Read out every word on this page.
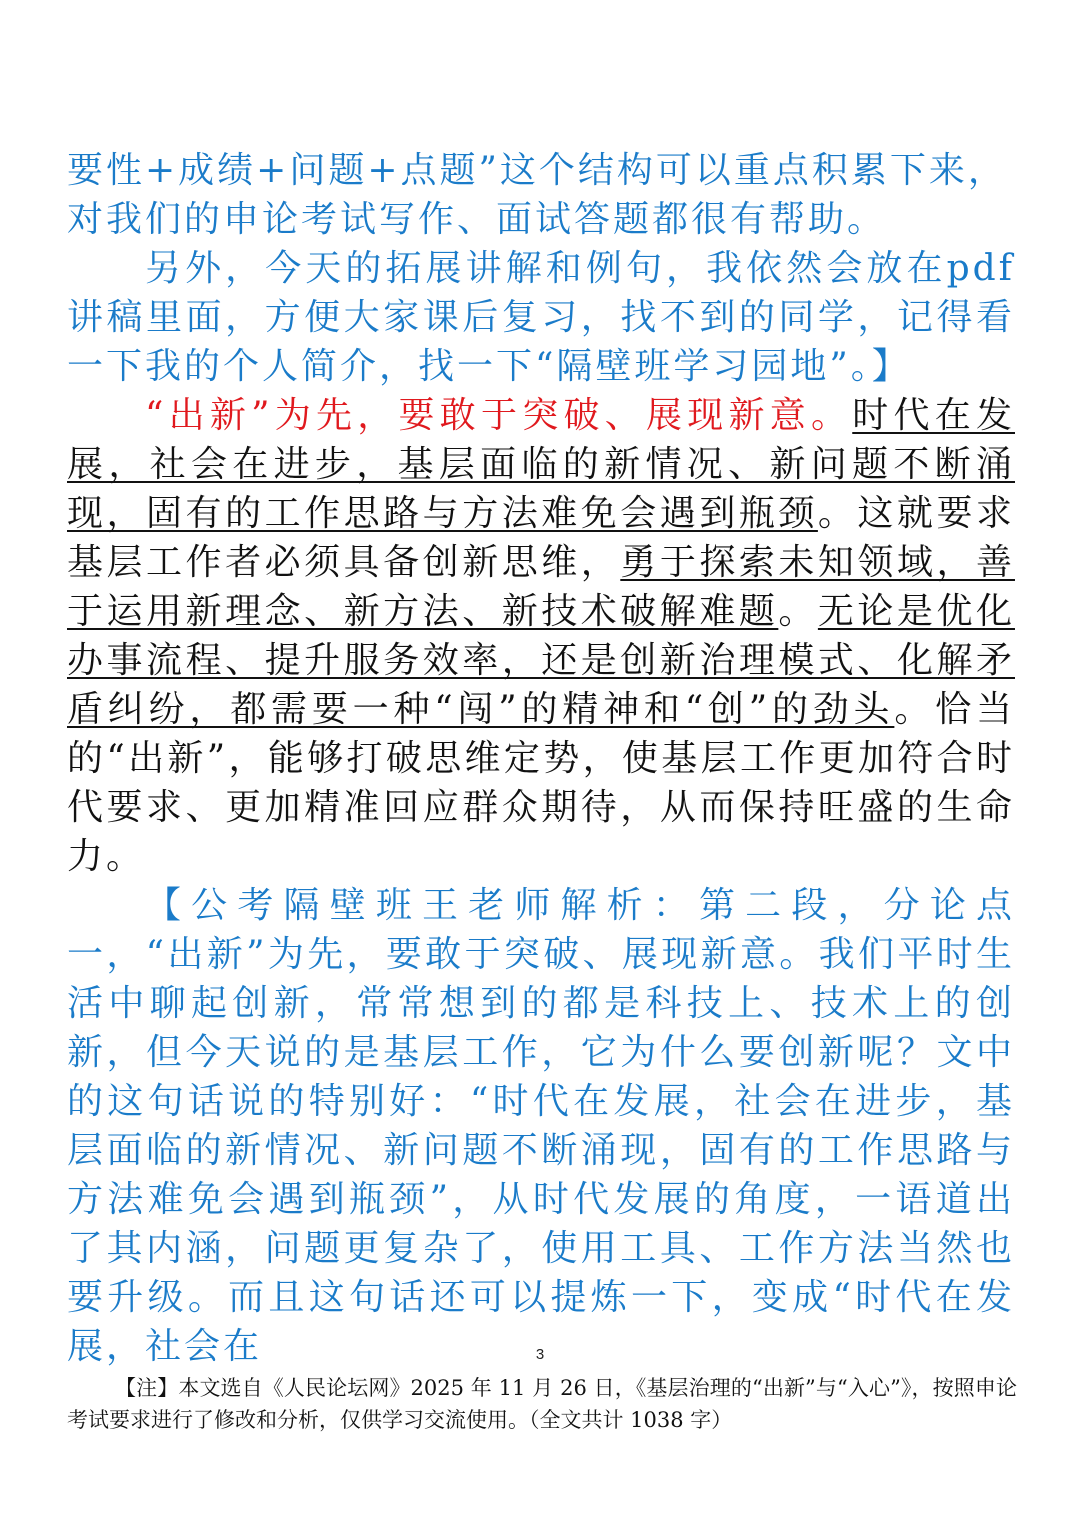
要性+成绩+问题+点题”这个结构可以重点积累下来，
对我们的申论考试写作、面试答题都很有帮助。

另外，今天的拓展讲解和例句，我依然会放在pdf讲稿里面，方便大家课后复习，找不到的同学，记得看一下我的个人简介，找一下“隔壁班学习园地”。】

“出新”为先，要敢于突破、展现新意。时代在发展，社会在进步，基层面临的新情况、新问题不断涌现，固有的工作思路与方法难免会遇到瓶颈。这就要求基层工作者必须具备创新思维，勇于探索未知领域，善于运用新理念、新方法、新技术破解难题。无论是优化办事流程、提升服务效率，还是创新治理模式、化解矛盾纠纷，都需要一种“闯”的精神和“创”的劲头。恰当的“出新”，能够打破思维定势，使基层工作更加符合时代要求、更加精准回应群众期待，从而保持旺盛的生命力。

【公考隔壁班王老师解析：第二段，分论点一，“出新”为先，要敢于突破、展现新意。我们平时生活中聊起创新，常常想到的都是科技上、技术上的创新，但今天说的是基层工作，它为什么要创新呢？文中的这句话说的特别好：“时代在发展，社会在进步，基层面临的新情况、新问题不断涌现，固有的工作思路与方法难免会遇到瓶颈”，从时代发展的角度，一语道出了其内涵，问题更复杂了，使用工具、工作方法当然也要升级。而且这句话还可以提炼一下，变成“时代在发展，社会在	3
【注】本文选自《人民论坛网》2025 年 11 月 26 日，《基层治理的“出新”与“入心”》，按照申论考试要求进行了修改和分析，仅供学习交流使用。（全文共计 1038 字）
